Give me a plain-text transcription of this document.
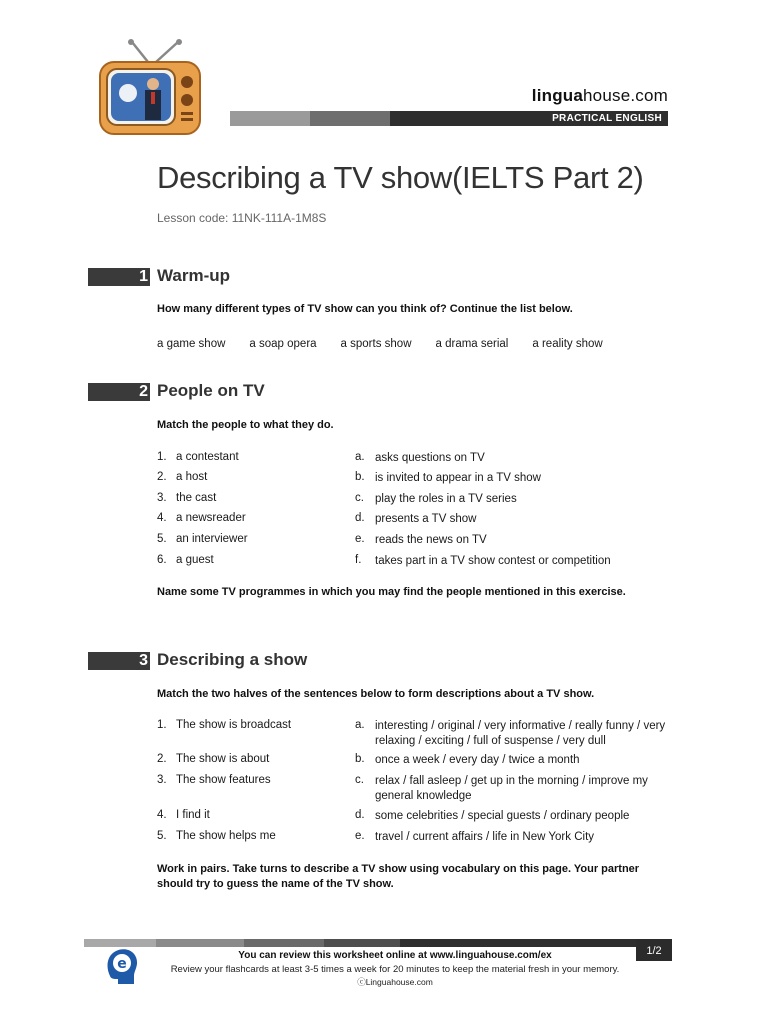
linguahouse.com
PRACTICAL ENGLISH
Describing a TV show(IELTS Part 2)
Lesson code: 11NK-111A-1M8S
1 Warm-up
How many different types of TV show can you think of? Continue the list below.
a game show a soap opera a sports show a drama serial a reality show
2 People on TV
Match the people to what they do.
1. a contestant	a. asks questions on TV
2. a host	b. is invited to appear in a TV show
3. the cast	c. play the roles in a TV series
4. a newsreader	d. presents a TV show
5. an interviewer	e. reads the news on TV
6. a guest	f. takes part in a TV show contest or competition
Name some TV programmes in which you may find the people mentioned in this exercise.
3 Describing a show
Match the two halves of the sentences below to form descriptions about a TV show.
1. The show is broadcast	a. interesting / original / very informative / really funny / very relaxing / exciting / full of suspense / very dull
2. The show is about	b. once a week / every day / twice a month
3. The show features	c. relax / fall asleep / get up in the morning / improve my general knowledge
4. I find it	d. some celebrities / special guests / ordinary people
5. The show helps me	e. travel / current affairs / life in New York City
Work in pairs. Take turns to describe a TV show using vocabulary on this page. Your partner should try to guess the name of the TV show.
1/2
e
You can review this worksheet online at www.linguahouse.com/ex
Review your flashcards at least 3-5 times a week for 20 minutes to keep the material fresh in your memory.
ⓒLinguahouse.com
